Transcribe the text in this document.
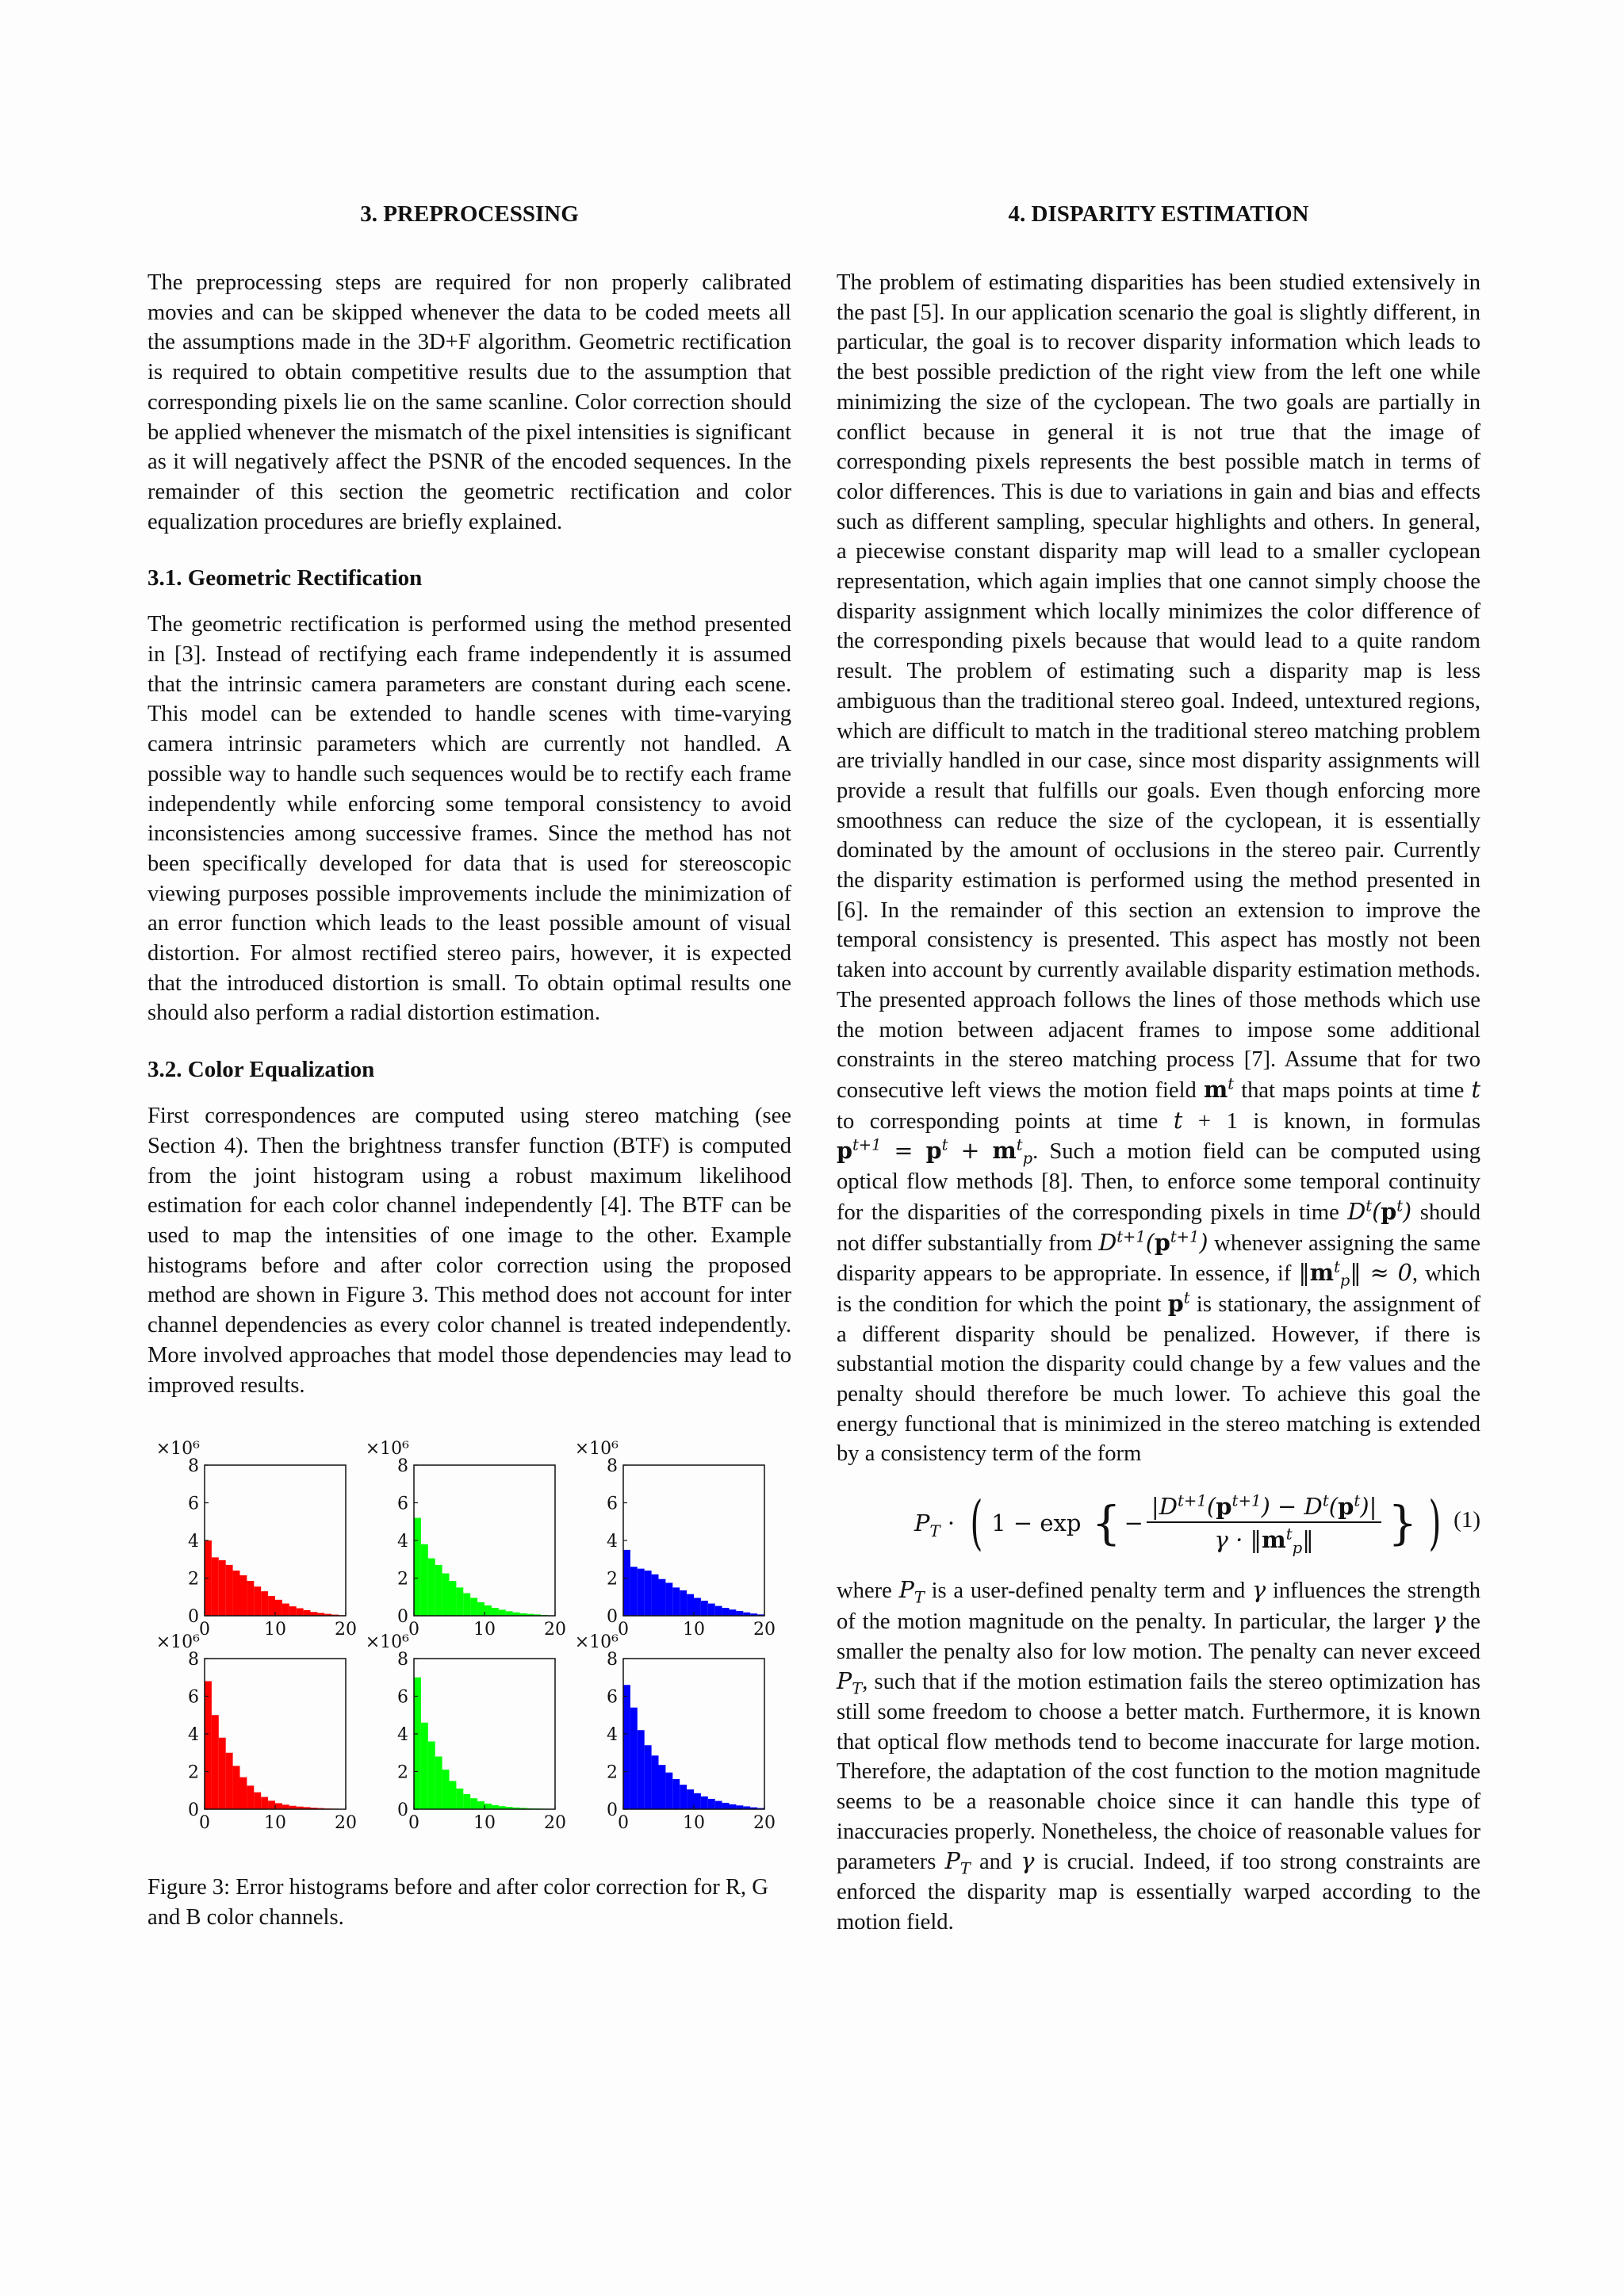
3. PREPROCESSING

The preprocessing steps are required for non properly calibrated movies and can be skipped whenever the data to be coded meets all the assumptions made in the 3D+F algorithm. Geometric rectification is required to obtain competitive results due to the assumption that corresponding pixels lie on the same scanline. Color correction should be applied whenever the mismatch of the pixel intensities is significant as it will negatively affect the PSNR of the encoded sequences. In the remainder of this section the geometric rectification and color equalization procedures are briefly explained.

3.1. Geometric Rectification

The geometric rectification is performed using the method presented in [3]. Instead of rectifying each frame independently it is assumed that the intrinsic camera parameters are constant during each scene. This model can be extended to handle scenes with time-varying camera intrinsic parameters which are currently not handled. A possible way to handle such sequences would be to rectify each frame independently while enforcing some temporal consistency to avoid inconsistencies among successive frames. Since the method has not been specifically developed for data that is used for stereoscopic viewing purposes possible improvements include the minimization of an error function which leads to the least possible amount of visual distortion. For almost rectified stereo pairs, however, it is expected that the introduced distortion is small. To obtain optimal results one should also perform a radial distortion estimation.

3.2. Color Equalization

First correspondences are computed using stereo matching (see Section 4). Then the brightness transfer function (BTF) is computed from the joint histogram using a robust maximum likelihood estimation for each color channel independently [4]. The BTF can be used to map the intensities of one image to the other. Example histograms before and after color correction using the proposed method are shown in Figure 3. This method does not account for inter channel dependencies as every color channel is treated independently. More involved approaches that model those dependencies may lead to improved results.

0
2
4
6
8
0	10	20
×10⁶
0
2
4
6
8
0	10	20
×10⁶
0
2
4
6
8
0	10	20
×10⁶
0
2
4
6
8
0	10	20
×10⁶
0
2
4
6
8
0	10	20
×10⁶
0
2
4
6
8
0	10	20
×10⁶
Figure 3: Error histograms before and after color correction for R, G and B color channels.
4. DISPARITY ESTIMATION

The problem of estimating disparities has been studied extensively in the past [5]. In our application scenario the goal is slightly different, in particular, the goal is to recover disparity information which leads to the best possible prediction of the right view from the left one while minimizing the size of the cyclopean. The two goals are partially in conflict because in general it is not true that the image of corresponding pixels represents the best possible match in terms of color differences. This is due to variations in gain and bias and effects such as different sampling, specular highlights and others. In general, a piecewise constant disparity map will lead to a smaller cyclopean representation, which again implies that one cannot simply choose the disparity assignment which locally minimizes the color difference of the corresponding pixels because that would lead to a quite random result. The problem of estimating such a disparity map is less ambiguous than the traditional stereo goal. Indeed, untextured regions, which are difficult to match in the traditional stereo matching problem are trivially handled in our case, since most disparity assignments will provide a result that fulfills our goals. Even though enforcing more smoothness can reduce the size of the cyclopean, it is essentially dominated by the amount of occlusions in the stereo pair. Currently the disparity estimation is performed using the method presented in [6]. In the remainder of this section an extension to improve the temporal consistency is presented. This aspect has mostly not been taken into account by currently available disparity estimation methods. The presented approach follows the lines of those methods which use the motion between adjacent frames to impose some additional constraints in the stereo matching process [7]. Assume that for two consecutive left views the motion field $m^t$ that maps points at time t to corresponding points at time t + 1 is known, in formulas $p^{t+1} = p^t + m^t_p$. Such a motion field can be computed using optical flow methods [8]. Then, to enforce some temporal continuity for the disparities of the corresponding pixels in time $D^t(p^t)$ should not differ substantially from $D^{t+1}(p^{t+1})$ whenever assigning the same disparity appears to be appropriate. In essence, if $‖m^t_p‖ \approx 0$, which is the condition for which the point $p^t$ is stationary, the assignment of a different disparity should be penalized. However, if there is substantial motion the disparity could change by a few values and the penalty should therefore be much lower. To achieve this goal the energy functional that is minimized in the stereo matching is extended by a consistency term of the form

$P_T$ · ( 1 − exp { − $\frac{|D^{t+1}(p^{t+1}) - D^t(p^t)|}{\gamma \cdot ‖m^t_p‖}$ } ) (1)

where $P_T$ is a user-defined penalty term and γ influences the strength of the motion magnitude on the penalty. In particular, the larger γ the smaller the penalty also for low motion. The penalty can never exceed $P_T$, such that if the motion estimation fails the stereo optimization has still some freedom to choose a better match. Furthermore, it is known that optical flow methods tend to become inaccurate for large motion. Therefore, the adaptation of the cost function to the motion magnitude seems to be a reasonable choice since it can handle this type of inaccuracies properly. Nonetheless, the choice of reasonable values for parameters $P_T$ and γ is crucial. Indeed, if too strong constraints are enforced the disparity map is essentially warped according to the motion field.
